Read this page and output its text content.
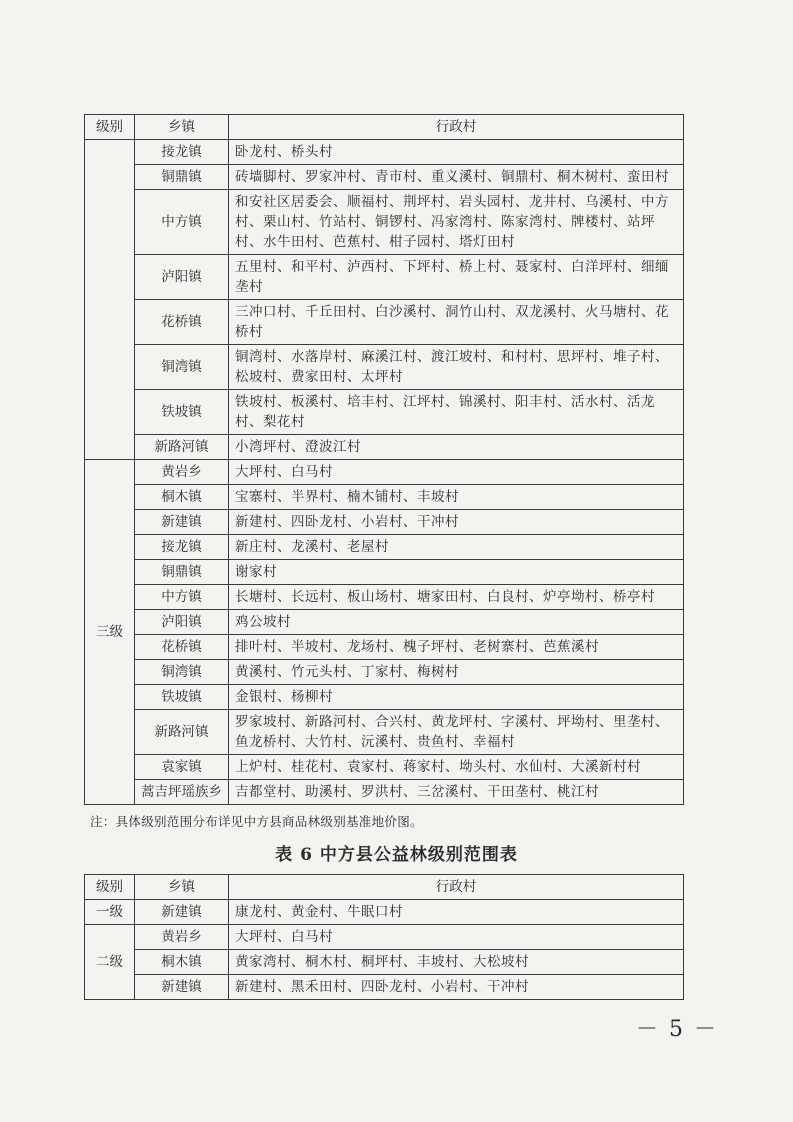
级别	乡镇	行政村
	接龙镇	卧龙村、桥头村
	铜鼎镇	砖墙脚村、罗家冲村、青市村、重义溪村、铜鼎村、桐木树村、蛮田村
	中方镇	和安社区居委会、顺福村、荆坪村、岩头园村、龙井村、乌溪村、中方村、栗山村、竹站村、铜锣村、冯家湾村、陈家湾村、牌楼村、站坪村、水牛田村、芭蕉村、柑子园村、塔灯田村
	泸阳镇	五里村、和平村、泸西村、下坪村、桥上村、聂家村、白洋坪村、细缅垄村
	花桥镇	三冲口村、千丘田村、白沙溪村、洞竹山村、双龙溪村、火马塘村、花桥村
	铜湾镇	铜湾村、水落岸村、麻溪江村、渡江坡村、和村村、思坪村、堆子村、松坡村、费家田村、太坪村
	铁坡镇	铁坡村、板溪村、培丰村、江坪村、锦溪村、阳丰村、活水村、活龙村、梨花村
	新路河镇	小湾坪村、澄波江村
三级	黄岩乡	大坪村、白马村
	桐木镇	宝寨村、半界村、楠木铺村、丰坡村
	新建镇	新建村、四卧龙村、小岩村、干冲村
	接龙镇	新庄村、龙溪村、老屋村
	铜鼎镇	谢家村
	中方镇	长塘村、长远村、板山场村、塘家田村、白良村、炉亭坳村、桥亭村
	泸阳镇	鸡公坡村
	花桥镇	排叶村、半坡村、龙场村、槐子坪村、老树寨村、芭蕉溪村
	铜湾镇	黄溪村、竹元头村、丁家村、梅树村
	铁坡镇	金银村、杨柳村
	新路河镇	罗家坡村、新路河村、合兴村、黄龙坪村、字溪村、坪坳村、里垄村、鱼龙桥村、大竹村、沅溪村、贵鱼村、幸福村
	袁家镇	上炉村、桂花村、袁家村、蒋家村、坳头村、水仙村、大溪新村村
	蒿吉坪瑶族乡	吉都堂村、助溪村、罗洪村、三岔溪村、干田垄村、桃江村
注：具体级别范围分布详见中方县商品林级别基准地价图。
表 6 中方县公益林级别范围表
级别	乡镇	行政村
一级	新建镇	康龙村、黄金村、牛眠口村
二级	黄岩乡	大坪村、白马村
	桐木镇	黄家湾村、桐木村、桐坪村、丰坡村、大松坡村
	新建镇	新建村、黑禾田村、四卧龙村、小岩村、干冲村
－ 5 －
